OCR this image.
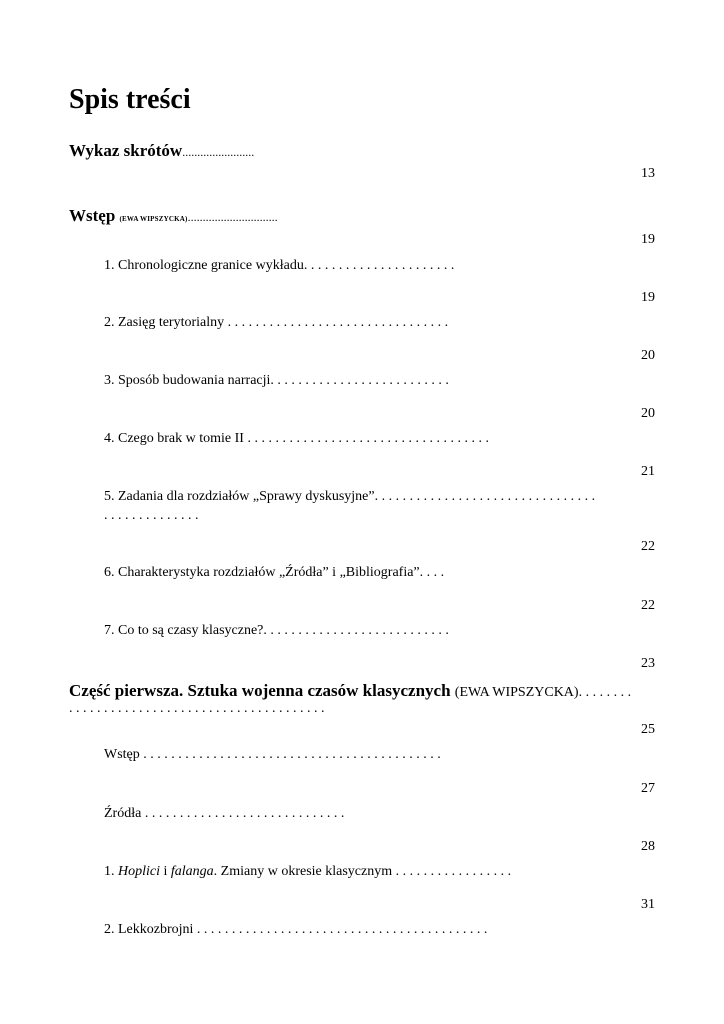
Spis treści
Wykaz skrótów........................
13
Wstęp (EWA WIPSZYCKA)..............................
19
1. Chronologiczne granice wykładu. . . . . . . . . . . . . . . . . . . . . .
19
2. Zasięg terytorialny . . . . . . . . . . . . . . . . . . . . . . . . . . . . . . . .
20
3. Sposób budowania narracji. . . . . . . . . . . . . . . . . . . . . . . . . .
20
4. Czego brak w tomie II . . . . . . . . . . . . . . . . . . . . . . . . . . . . . . . . . . .
21
5. Zadania dla rozdziałów „Sprawy dyskusyjne”. . . . . . . . . . . . . . . . . . . . . . . . . . . . . . . .
. . . . . . . . . . . . . .
22
6. Charakterystyka rozdziałów „Źródła” i „Bibliografia”. . . .
22
7. Co to są czasy klasyczne?. . . . . . . . . . . . . . . . . . . . . . . . . . .
23
Część pierwsza. Sztuka wojenna czasów klasycznych (EWA WIPSZYCKA). . . . . . . .
. . . . . . . . . . . . . . . . . . . . . . . . . . . . . . . . . . . . .
25
Wstęp . . . . . . . . . . . . . . . . . . . . . . . . . . . . . . . . . . . . . . . . . . .
27
Źródła . . . . . . . . . . . . . . . . . . . . . . . . . . . . .
28
1. Hoplici i falanga. Zmiany w okresie klasycznym . . . . . . . . . . . . . . . . .
31
2. Lekkozbrojni . . . . . . . . . . . . . . . . . . . . . . . . . . . . . . . . . . . . . . . . . .
